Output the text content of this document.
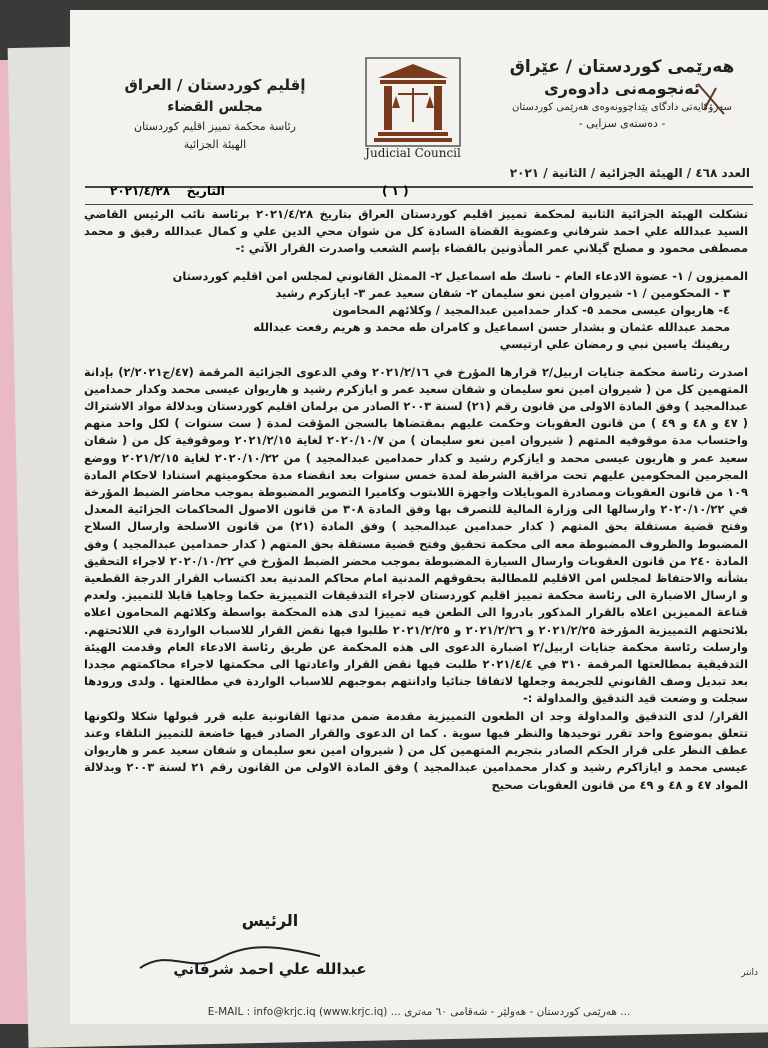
هەرێمی کوردستان / عێراق
ئەنجومەنی دادوەری
سەرۆکایەتی دادگای پێداچوونەوەی هەرێمی کوردستان
- دەستەی سزایی -
Judicial Council
إقليم كوردستان / العراق
مجلس القضاء
رئاسة محكمة تمييز اقليم كوردستان
الهيئة الجزائية
العدد ٤٦٨ / الهيئة الجزائية / الثانية / ٢٠٢١
( ١ )
التاريخ    ٢٠٢١/٤/٢٨

تشكلت الهيئة الجزائية الثانية لمحكمة تمييز اقليم كوردستان العراق بتاريخ ٢٠٢١/٤/٢٨ برئاسة نائب الرئيس القاضي السيد عبدالله علي احمد شرفاني وعضوية القضاة السادة كل من شوان محي الدين علي و كمال عبدالله رفيق و محمد مصطفى محمود و مصلح گيلاني عمر المأذونين بالقضاء بإسم الشعب واصدرت القرار الآتي :-

المميزون / ١- عضوة الادعاء العام - ناسك طه اسماعيل ٢- الممثل القانوني لمجلس امن اقليم كوردستان

٣ - المحكومين / ١- شيروان امين نعو سليمان ٢- شفان سعيد عمر ٣- ايازكرم رشيد

٤- هاريوان عيسى محمد ٥- كدار حمدامين عبدالمجيد / وكلائهم المحامون

محمد عبدالله عثمان و بشدار حسن اسماعيل و كامران طه محمد و هريم رفعت عبدالله

ريفينك ياسين نبي و رمضان علي ارتيسي

اصدرت رئاسة محكمة جنايات اربيل/٢ قرارها المؤرخ في ٢٠٢١/٢/١٦ وفي الدعوى الجزائية المرقمة (٤٧/ج٢/٢٠٢١) بإدانة المتهمين كل من ( شيروان امين نعو سليمان و شفان سعيد عمر و ايازكرم رشيد و هاريوان عيسى محمد وكدار حمدامين عبدالمجيد ) وفق المادة الاولى من قانون رقم (٢١) لسنة ٢٠٠٣ الصادر من برلمان اقليم كوردستان وبدلالة مواد الاشتراك ( ٤٧ و ٤٨ و ٤٩ ) من قانون العقوبات وحكمت عليهم بمقتضاها بالسجن المؤقت لمدة ( ست سنوات ) لكل واحد منهم واحتساب مدة موقوفيه المتهم ( شيروان امين نعو سليمان ) من ٢٠٢٠/١٠/٧ لغاية ٢٠٢١/٢/١٥ وموقوفية كل من ( شفان سعيد عمر و هاريون عيسى محمد و ايازكرم رشيد و كدار حمدامين عبدالمجيد ) من ٢٠٢٠/١٠/٢٢ لغاية ٢٠٢١/٢/١٥ ووضع المجرمين المحكومين عليهم تحت مراقبة الشرطة لمدة خمس سنوات بعد انقضاء مدة محكوميتهم استنادا لاحكام المادة ١٠٩ من قانون العقوبات ومصادرة الموبايلات واجهزة اللابتوب وكاميرا التصوير المضبوطة بموجب محاضر الضبط المؤرخة في ٢٠٢٠/١٠/٢٢ وارسالها الى وزارة المالية للتصرف بها وفق المادة ٣٠٨ من قانون الاصول المحاكمات الجزائية المعدل وفتح قضية مستقلة بحق المتهم ( كدار حمدامين عبدالمجيد ) وفق المادة (٢١) من قانون الاسلحة وارسال السلاح المضبوط والظروف المضبوطة معه الى محكمة تحقيق وفتح قضية مستقلة بحق المتهم ( كدار حمدامين عبدالمجيد ) وفق المادة ٢٤٠ من قانون العقوبات وارسال السيارة المضبوطة بموجب محضر الضبط المؤرخ في ٢٠٢٠/١٠/٢٢ لاجراء التحقيق بشأنه والاحتفاظ لمجلس امن الاقليم للمطالبة بحقوقهم المدنية امام محاكم المدنية بعد اكتساب القرار الدرجة القطعية و ارسال الاضبارة الى رئاسة محكمة تمييز اقليم كوردستان لاجراء التدقيقات التمييزية حكما وجاهيا قابلا للتمييز. ولعدم قناعة المميزين اعلاه بالقرار المذكور بادروا الى الطعن فيه تمييزا لدى هذه المحكمة بواسطة وكلائهم المحامون اعلاه بلائحتهم التمييزية المؤرخة ٢٠٢١/٢/٢٥ و ٢٠٢١/٢/٢٦ و ٢٠٢١/٢/٢٥ طلبوا فيها نقض القرار للاسباب الواردة في اللائحتهم. وارسلت رئاسة محكمة جنايات اربيل/٢ اضبارة الدعوى الى هذه المحكمة عن طريق رئاسة الادعاء العام وقدمت الهيئة التدقيقية بمطالعتها المرقمة ٣١٠ في ٢٠٢١/٤/٤ طلبت فيها نقض القرار واعادتها الى محكمتها لاجراء محاكمتهم مجددا بعد تبديل وصف القانوني للجريمة وجعلها لاتفاقا جنائيا وادانتهم بموجبهم للاسباب الواردة في مطالعتها . ولدى ورودها سجلت و وضعت قيد التدقيق والمداولة :-

القرار/ لدى التدقيق والمداولة وجد ان الطعون التمييزية مقدمة ضمن مدتها القانونية عليه قرر قبولها شكلا ولكونها تتعلق بموضوع واحد تقرر توحيدها والنظر فيها سوية . كما ان الدعوى والقرار الصادر فيها خاضعة للتمييز التلقاء وعند عطف النظر على قرار الحكم الصادر بتجريم المتهمين كل من ( شيروان امين نعو سليمان و شفان سعيد عمر و هاريوان عيسى محمد و ايازاكرم رشيد و كدار محمدامين عبدالمجيد ) وفق المادة الاولى من القانون رقم ٢١ لسنة ٢٠٠٣ وبدلالة المواد ٤٧ و ٤٨ و ٤٩ من قانون العقوبات صحيح

الرئيس
عبدالله علي احمد شرفاني	دانتر
E-MAIL : info@krjc.iq (www.krjc.iq) ... هەرێمی کوردستان - هەولێر - شەقامی ٦٠ مەتری ...
